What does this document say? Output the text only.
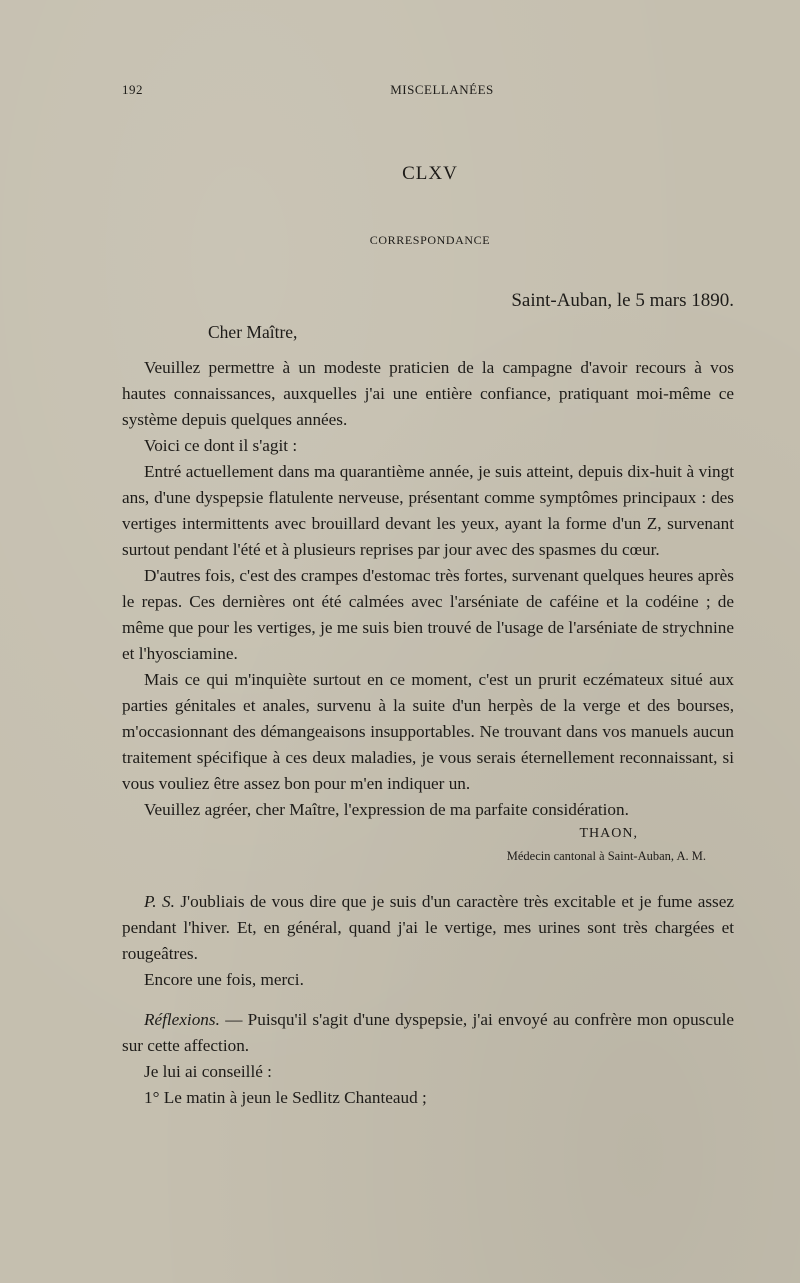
192	MISCELLANÉES
CLXV
CORRESPONDANCE
Saint-Auban, le 5 mars 1890.
Cher Maître,

Veuillez permettre à un modeste praticien de la campagne d'avoir recours à vos hautes connaissances, auxquelles j'ai une entière confiance, pratiquant moi-même ce système depuis quelques années.

Voici ce dont il s'agit :

Entré actuellement dans ma quarantième année, je suis atteint, depuis dix-huit à vingt ans, d'une dyspepsie flatulente nerveuse, présentant comme symptômes principaux : des vertiges intermittents avec brouillard devant les yeux, ayant la forme d'un Z, survenant surtout pendant l'été et à plusieurs reprises par jour avec des spasmes du cœur.

D'autres fois, c'est des crampes d'estomac très fortes, survenant quelques heures après le repas. Ces dernières ont été calmées avec l'arséniate de caféine et la codéine ; de même que pour les vertiges, je me suis bien trouvé de l'usage de l'arséniate de strychnine et l'hyosciamine.

Mais ce qui m'inquiète surtout en ce moment, c'est un prurit eczémateux situé aux parties génitales et anales, survenu à la suite d'un herpès de la verge et des bourses, m'occasionnant des démangeaisons insupportables. Ne trouvant dans vos manuels aucun traitement spécifique à ces deux maladies, je vous serais éternellement reconnaissant, si vous vouliez être assez bon pour m'en indiquer un.

Veuillez agréer, cher Maître, l'expression de ma parfaite considération.

THAON,
Médecin cantonal à Saint-Auban, A. M.

P. S. J'oubliais de vous dire que je suis d'un caractère très excitable et je fume assez pendant l'hiver. Et, en général, quand j'ai le vertige, mes urines sont très chargées et rougeâtres.

Encore une fois, merci.

Réflexions. — Puisqu'il s'agit d'une dyspepsie, j'ai envoyé au confrère mon opuscule sur cette affection.

Je lui ai conseillé :

1° Le matin à jeun le Sedlitz Chanteaud ;
